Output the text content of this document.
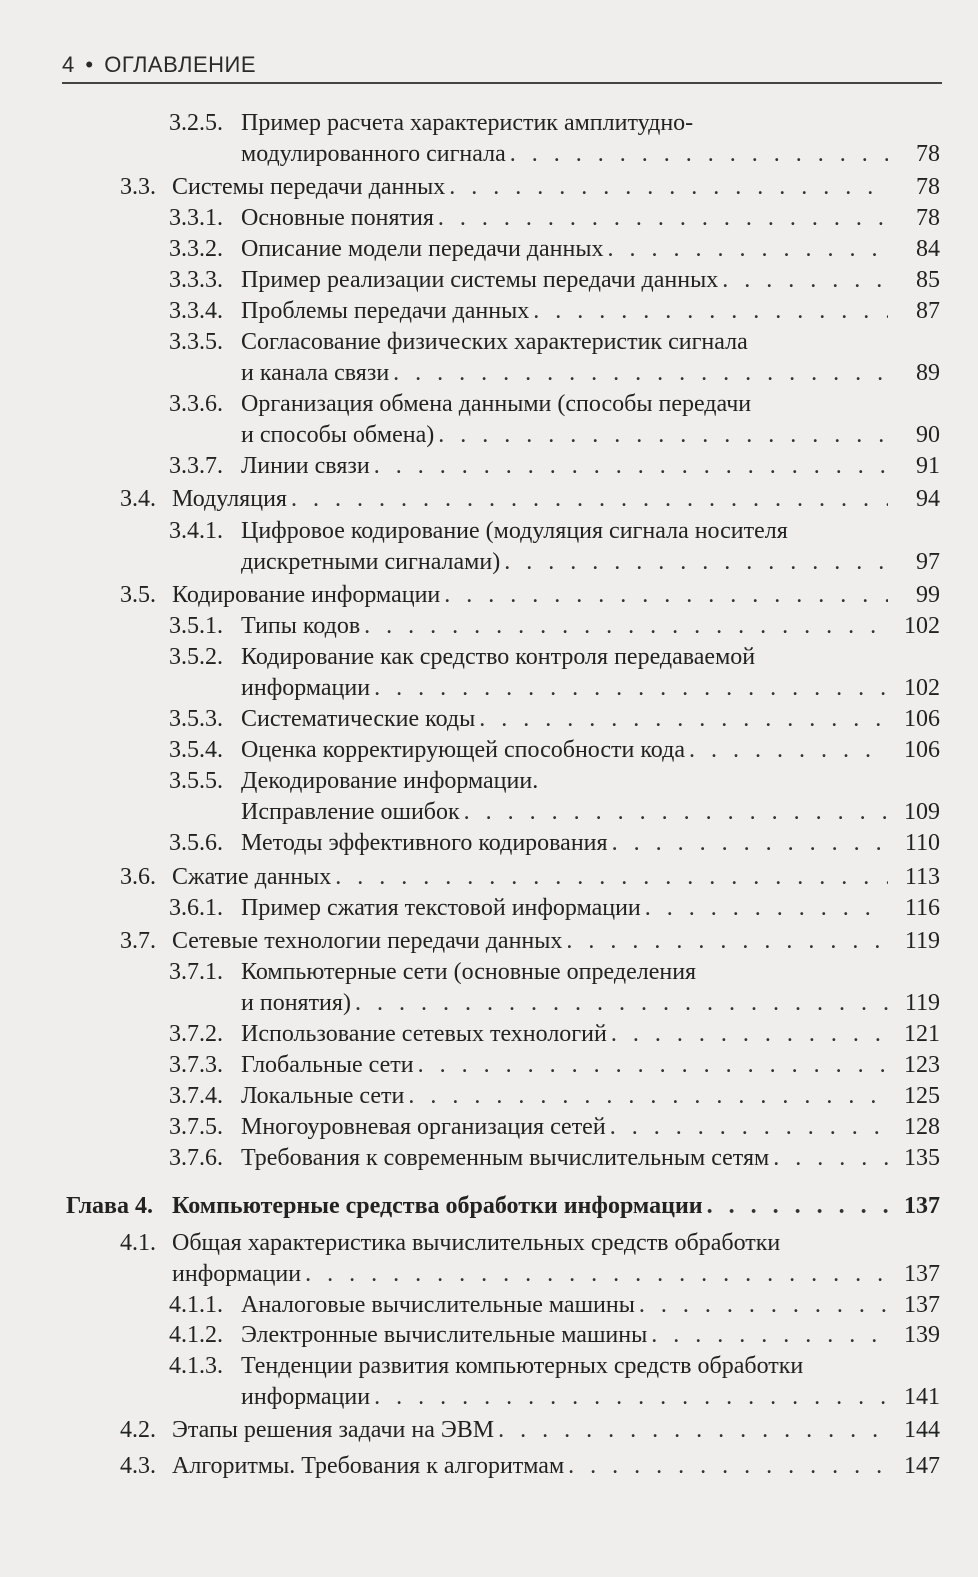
4 • ОГЛАВЛЕНИЕ
3.2.5. Пример расчета характеристик амплитудно-
модулированного сигнала . . .	78
3.3. Системы передачи данных . . .	78
3.3.1. Основные понятия . . .	78
3.3.2. Описание модели передачи данных . . .	84
3.3.3. Пример реализации системы передачи данных . . .	85
3.3.4. Проблемы передачи данных . . .	87
3.3.5. Согласование физических характеристик сигнала
и канала связи . . .	89
3.3.6. Организация обмена данными (способы передачи
и способы обмена) . . .	90
3.3.7. Линии связи . . .	91
3.4. Модуляция . . .	94
3.4.1. Цифровое кодирование (модуляция сигнала носителя
дискретными сигналами) . . .	97
3.5. Кодирование информации . . .	99
3.5.1. Типы кодов . . .	102
3.5.2. Кодирование как средство контроля передаваемой
информации . . .	102
3.5.3. Систематические коды . . .	106
3.5.4. Оценка корректирующей способности кода . . .	106
3.5.5. Декодирование информации.
Исправление ошибок . . .	109
3.5.6. Методы эффективного кодирования . . .	110
3.6. Сжатие данных . . .	113
3.6.1. Пример сжатия текстовой информации . . .	116
3.7. Сетевые технологии передачи данных . . .	119
3.7.1. Компьютерные сети (основные определения
и понятия) . . .	119
3.7.2. Использование сетевых технологий . . .	121
3.7.3. Глобальные сети . . .	123
3.7.4. Локальные сети . . .	125
3.7.5. Многоуровневая организация сетей . . .	128
3.7.6. Требования к современным вычислительным сетям . . .	135
Глава 4. Компьютерные средства обработки информации . . .	137
4.1. Общая характеристика вычислительных средств обработки
информации . . .	137
4.1.1. Аналоговые вычислительные машины . . .	137
4.1.2. Электронные вычислительные машины . . .	139
4.1.3. Тенденции развития компьютерных средств обработки
информации . . .	141
4.2. Этапы решения задачи на ЭВМ . . .	144
4.3. Алгоритмы. Требования к алгоритмам . . .	147
